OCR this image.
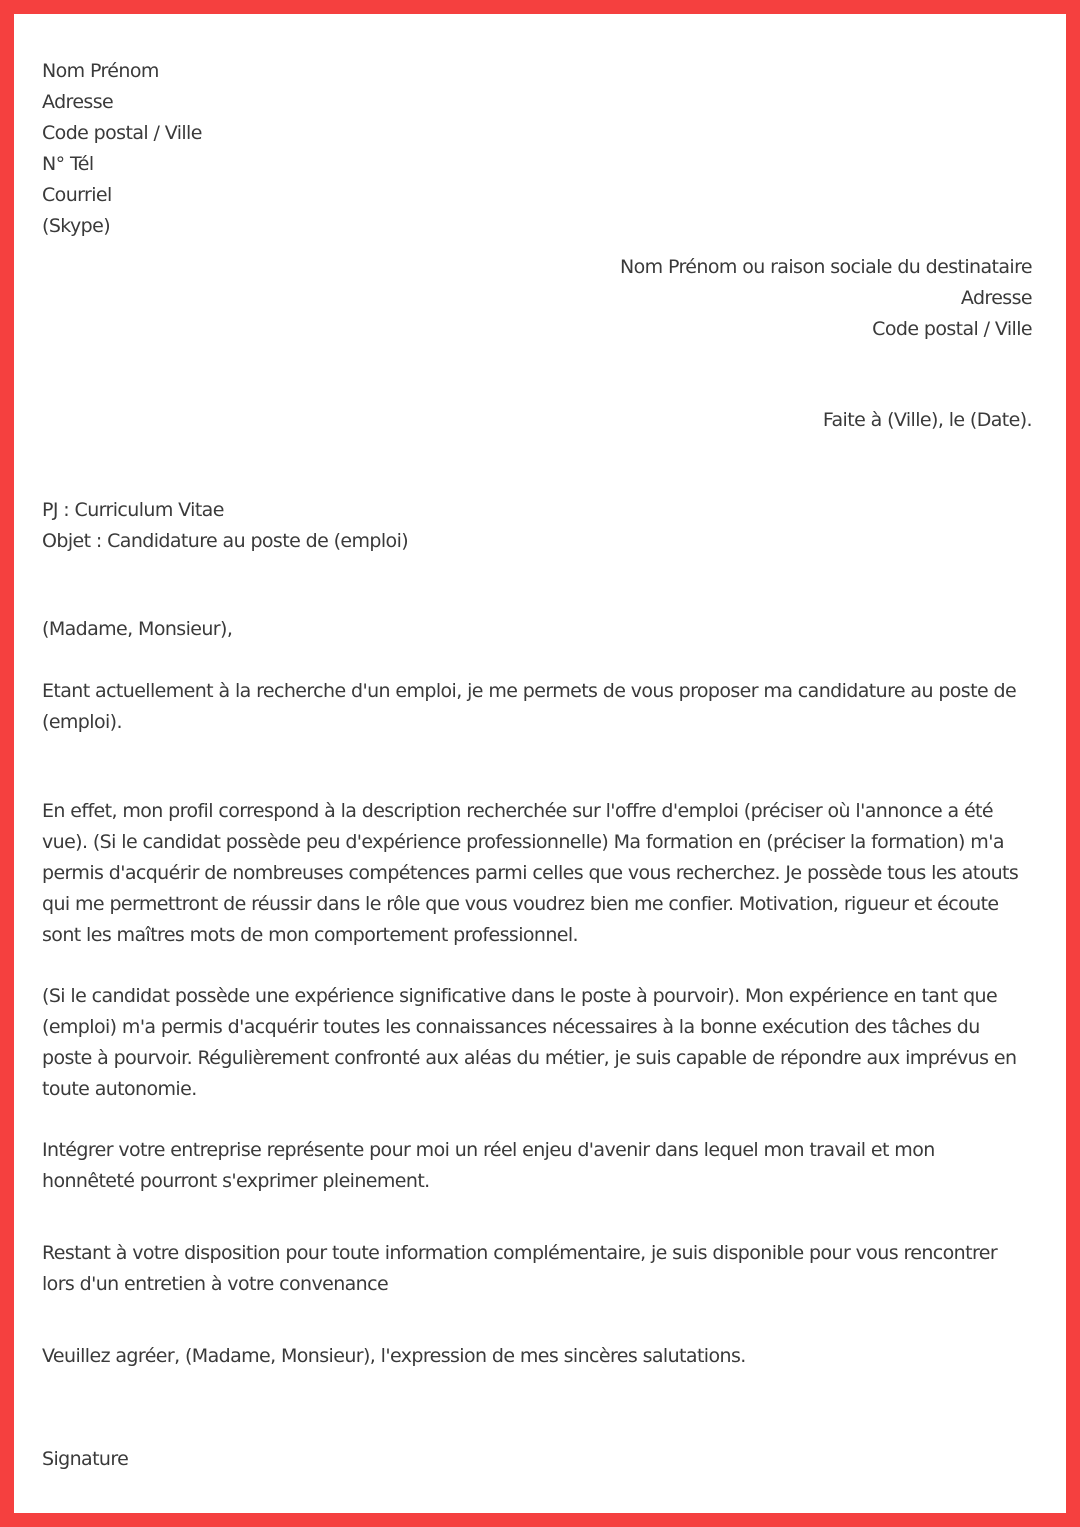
Nom Prénom
Adresse
Code postal / Ville
N° Tél
Courriel
(Skype)
Nom Prénom ou raison sociale du destinataire
Adresse
Code postal / Ville
Faite à (Ville), le (Date).
PJ : Curriculum Vitae
Objet : Candidature au poste de (emploi)
(Madame, Monsieur),

Etant actuellement à la recherche d'un emploi, je me permets de vous proposer ma candidature au poste de (emploi).

En effet, mon profil correspond à la description recherchée sur l'offre d'emploi (préciser où l'annonce a été vue). (Si le candidat possède peu d'expérience professionnelle) Ma formation en (préciser la formation) m'a permis d'acquérir de nombreuses compétences parmi celles que vous recherchez. Je possède tous les atouts qui me permettront de réussir dans le rôle que vous voudrez bien me confier. Motivation, rigueur et écoute sont les maîtres mots de mon comportement professionnel.

(Si le candidat possède une expérience significative dans le poste à pourvoir). Mon expérience en tant que (emploi) m'a permis d'acquérir toutes les connaissances nécessaires à la bonne exécution des tâches du poste à pourvoir. Régulièrement confronté aux aléas du métier, je suis capable de répondre aux imprévus en toute autonomie.

Intégrer votre entreprise représente pour moi un réel enjeu d'avenir dans lequel mon travail et mon honnêteté pourront s'exprimer pleinement.

Restant à votre disposition pour toute information complémentaire, je suis disponible pour vous rencontrer lors d'un entretien à votre convenance

Veuillez agréer, (Madame, Monsieur), l'expression de mes sincères salutations.
Signature
